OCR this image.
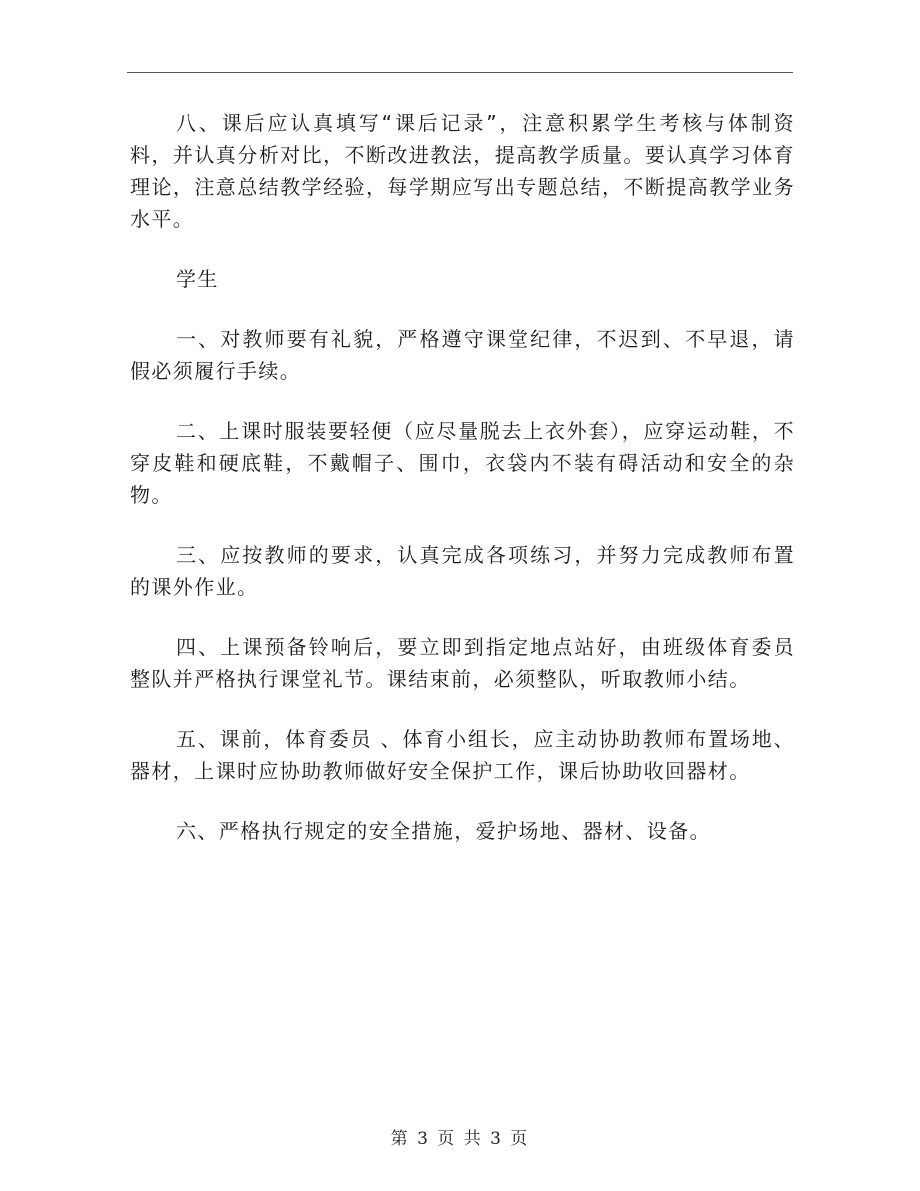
八、课后应认真填写“课后记录”，注意积累学生考核与体制资料，并认真分析对比，不断改进教法，提高教学质量。要认真学习体育理论，注意总结教学经验，每学期应写出专题总结，不断提高教学业务水平。

学生

一、对教师要有礼貌，严格遵守课堂纪律，不迟到、不早退，请假必须履行手续。

二、上课时服装要轻便（应尽量脱去上衣外套），应穿运动鞋，不穿皮鞋和硬底鞋，不戴帽子、围巾，衣袋内不装有碍活动和安全的杂物。

三、应按教师的要求，认真完成各项练习，并努力完成教师布置的课外作业。

四、上课预备铃响后，要立即到指定地点站好，由班级体育委员整队并严格执行课堂礼节。课结束前，必须整队，听取教师小结。

五、课前，体育委员 、体育小组长，应主动协助教师布置场地、器材，上课时应协助教师做好安全保护工作，课后协助收回器材。

六、严格执行规定的安全措施，爱护场地、器材、设备。

第 3 页 共 3 页
